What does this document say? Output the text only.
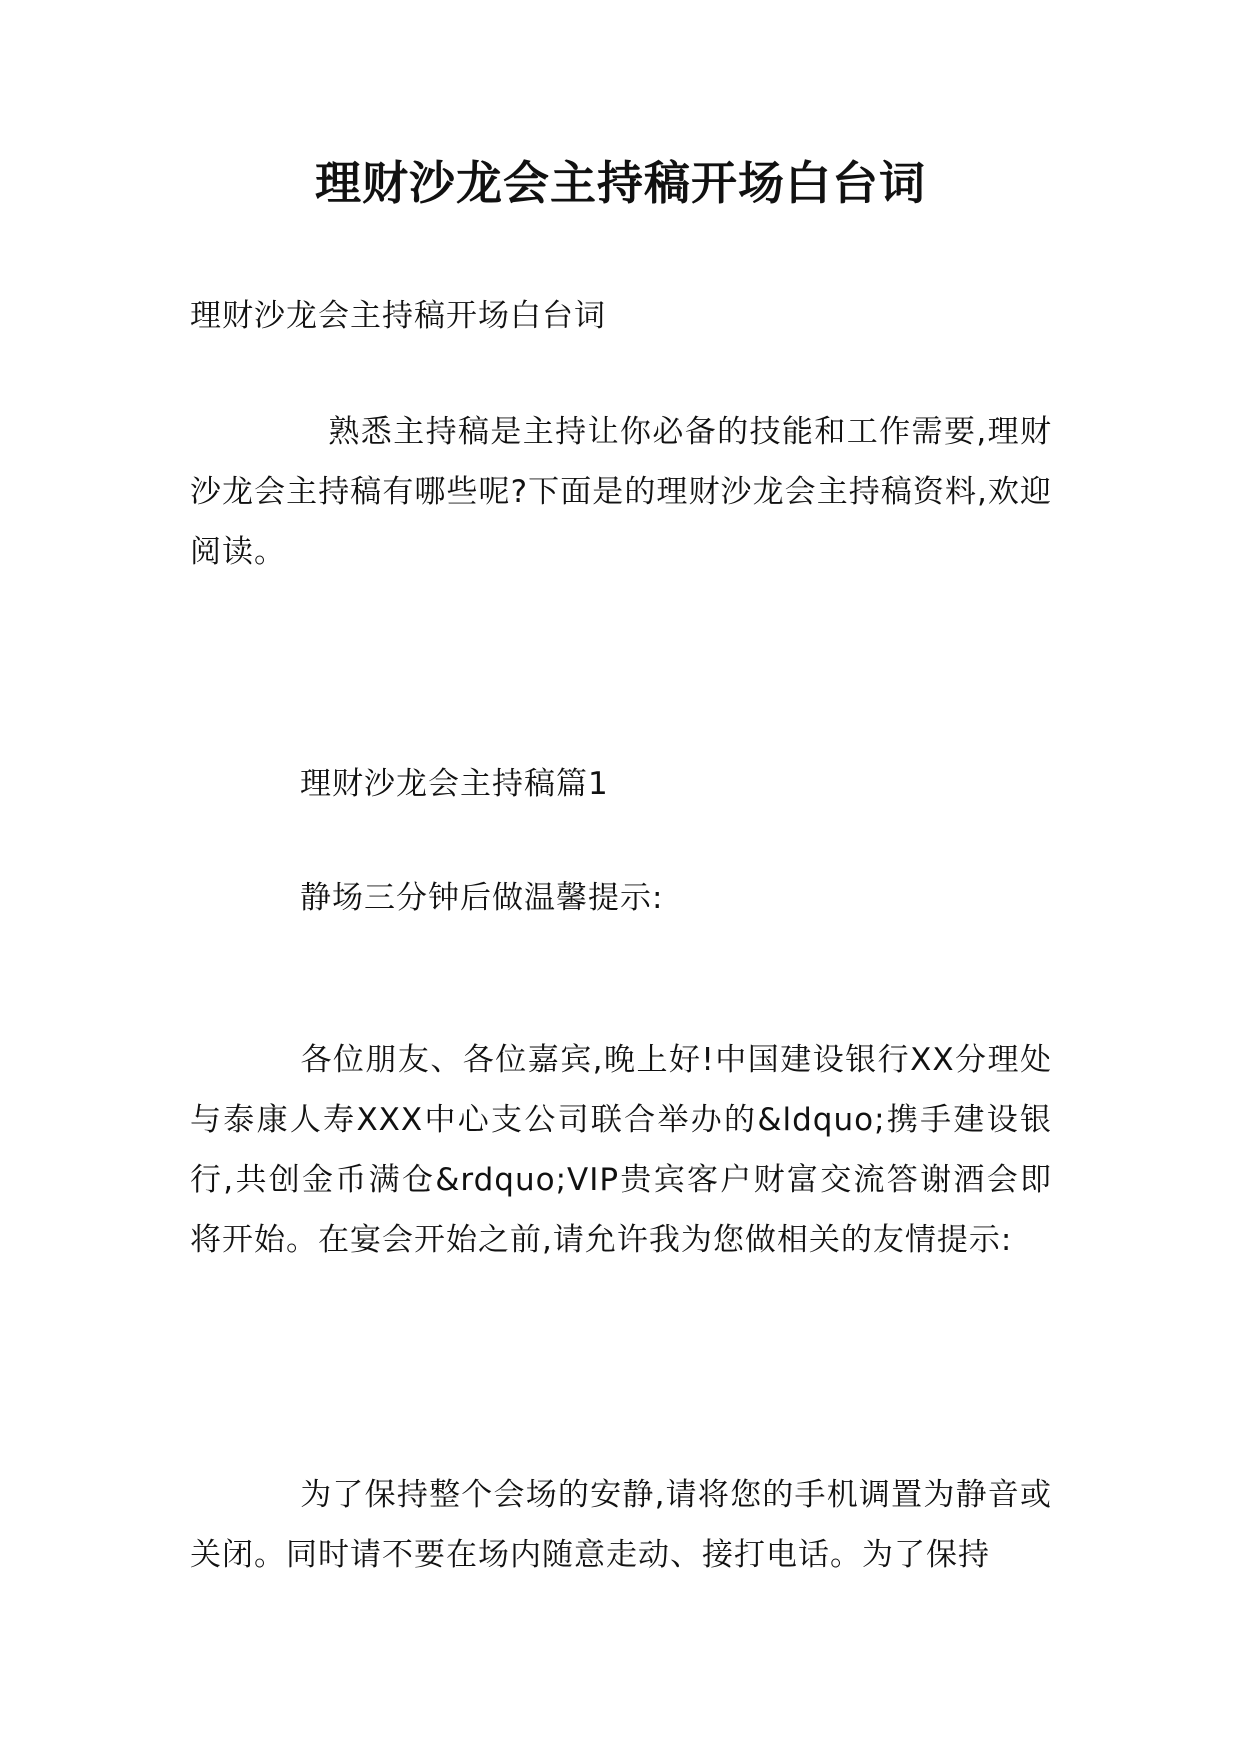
理财沙龙会主持稿开场白台词

理财沙龙会主持稿开场白台词

熟悉主持稿是主持让你必备的技能和工作需要,理财沙龙会主持稿有哪些呢?下面是的理财沙龙会主持稿资料,欢迎阅读。

理财沙龙会主持稿篇1

静场三分钟后做温馨提示:

各位朋友、各位嘉宾,晚上好!中国建设银行XX分理处与泰康人寿XXX中心支公司联合举办的&ldquo;携手建设银行,共创金币满仓&rdquo;VIP贵宾客户财富交流答谢酒会即将开始。在宴会开始之前,请允许我为您做相关的友情提示:

为了保持整个会场的安静,请将您的手机调置为静音或关闭。同时请不要在场内随意走动、接打电话。为了保持
